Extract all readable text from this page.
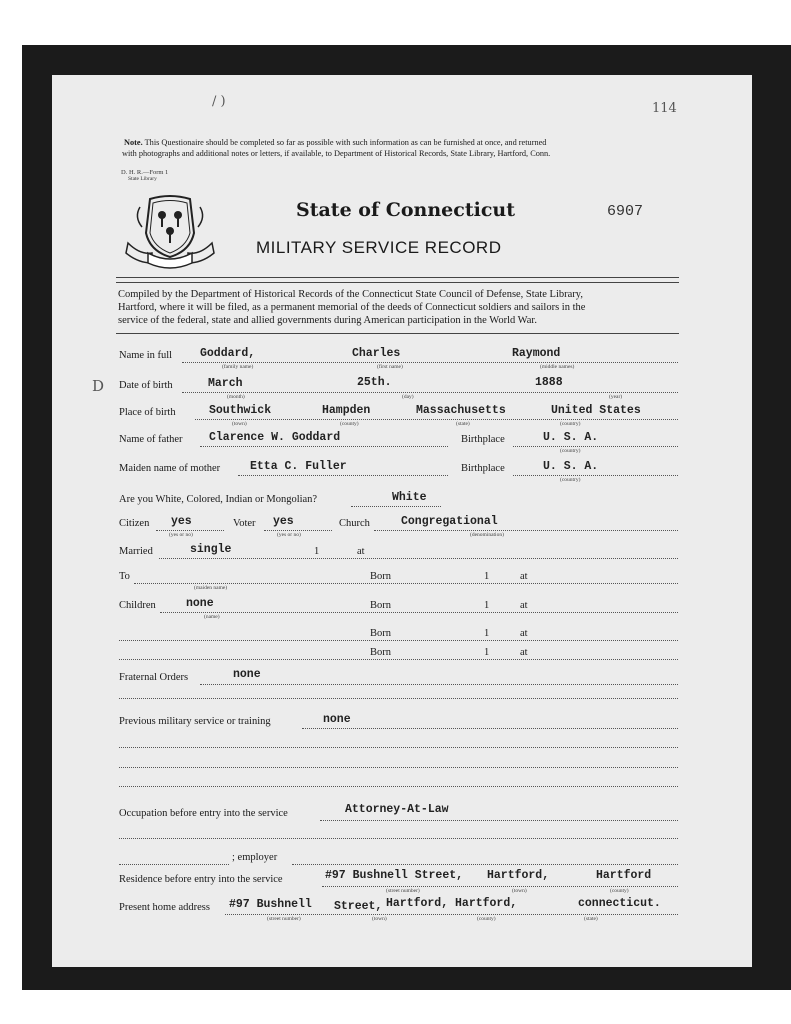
/ )	114
Note. This Questionaire should be completed so far as possible with such information as can be furnished at once, and returned
with photographs and additional notes or letters, if available, to Department of Historical Records, State Library, Hartford, Conn.
D. H. R.—Form 1
State Library
State of Connecticut	6907
MILITARY SERVICE RECORD
Compiled by the Department of Historical Records of the Connecticut State Council of Defense, State Library,
Hartford, where it will be filed, as a permanent memorial of the deeds of Connecticut soldiers and sailors in the
service of the federal, state and allied governments during American participation in the World War.
Name in full Goddard,	Charles	Raymond
(family name)	(first name)	(middle names)
D Date of birth	March	25th.	1888
(month)	(day)	(year)
Place of birth	Southwick	Hampden	Massachusetts	United States
(town)	(county)	(state)	(country)
Name of father Clarence W. Goddard	Birthplace	U. S. A.
(country)
Maiden name of mother	Etta C. Fuller	Birthplace	U. S. A.
(country)
Are you White, Colored, Indian or Mongolian?	White
Citizen yes
(yes or no)
Voter yes
(yes or no)
Church	Congregational
(denomination)
Married	single	1	at
To
(maiden name)
Born	1	at
Children	none
(name)
Born	1	at
Born	1	at
Born	1	at
Fraternal Orders	none
Previous military service or training	none
Occupation before entry into the service	Attorney-At-Law
; employer
Residence before entry into the service	#97 Bushnell Street, Hartford,	Hartford
(street number)	(town)	(county)
Present home address #97 Bushnell Street, Hartford, Hartford,	connecticut.
(street number)	(town)	(county)	(state)
